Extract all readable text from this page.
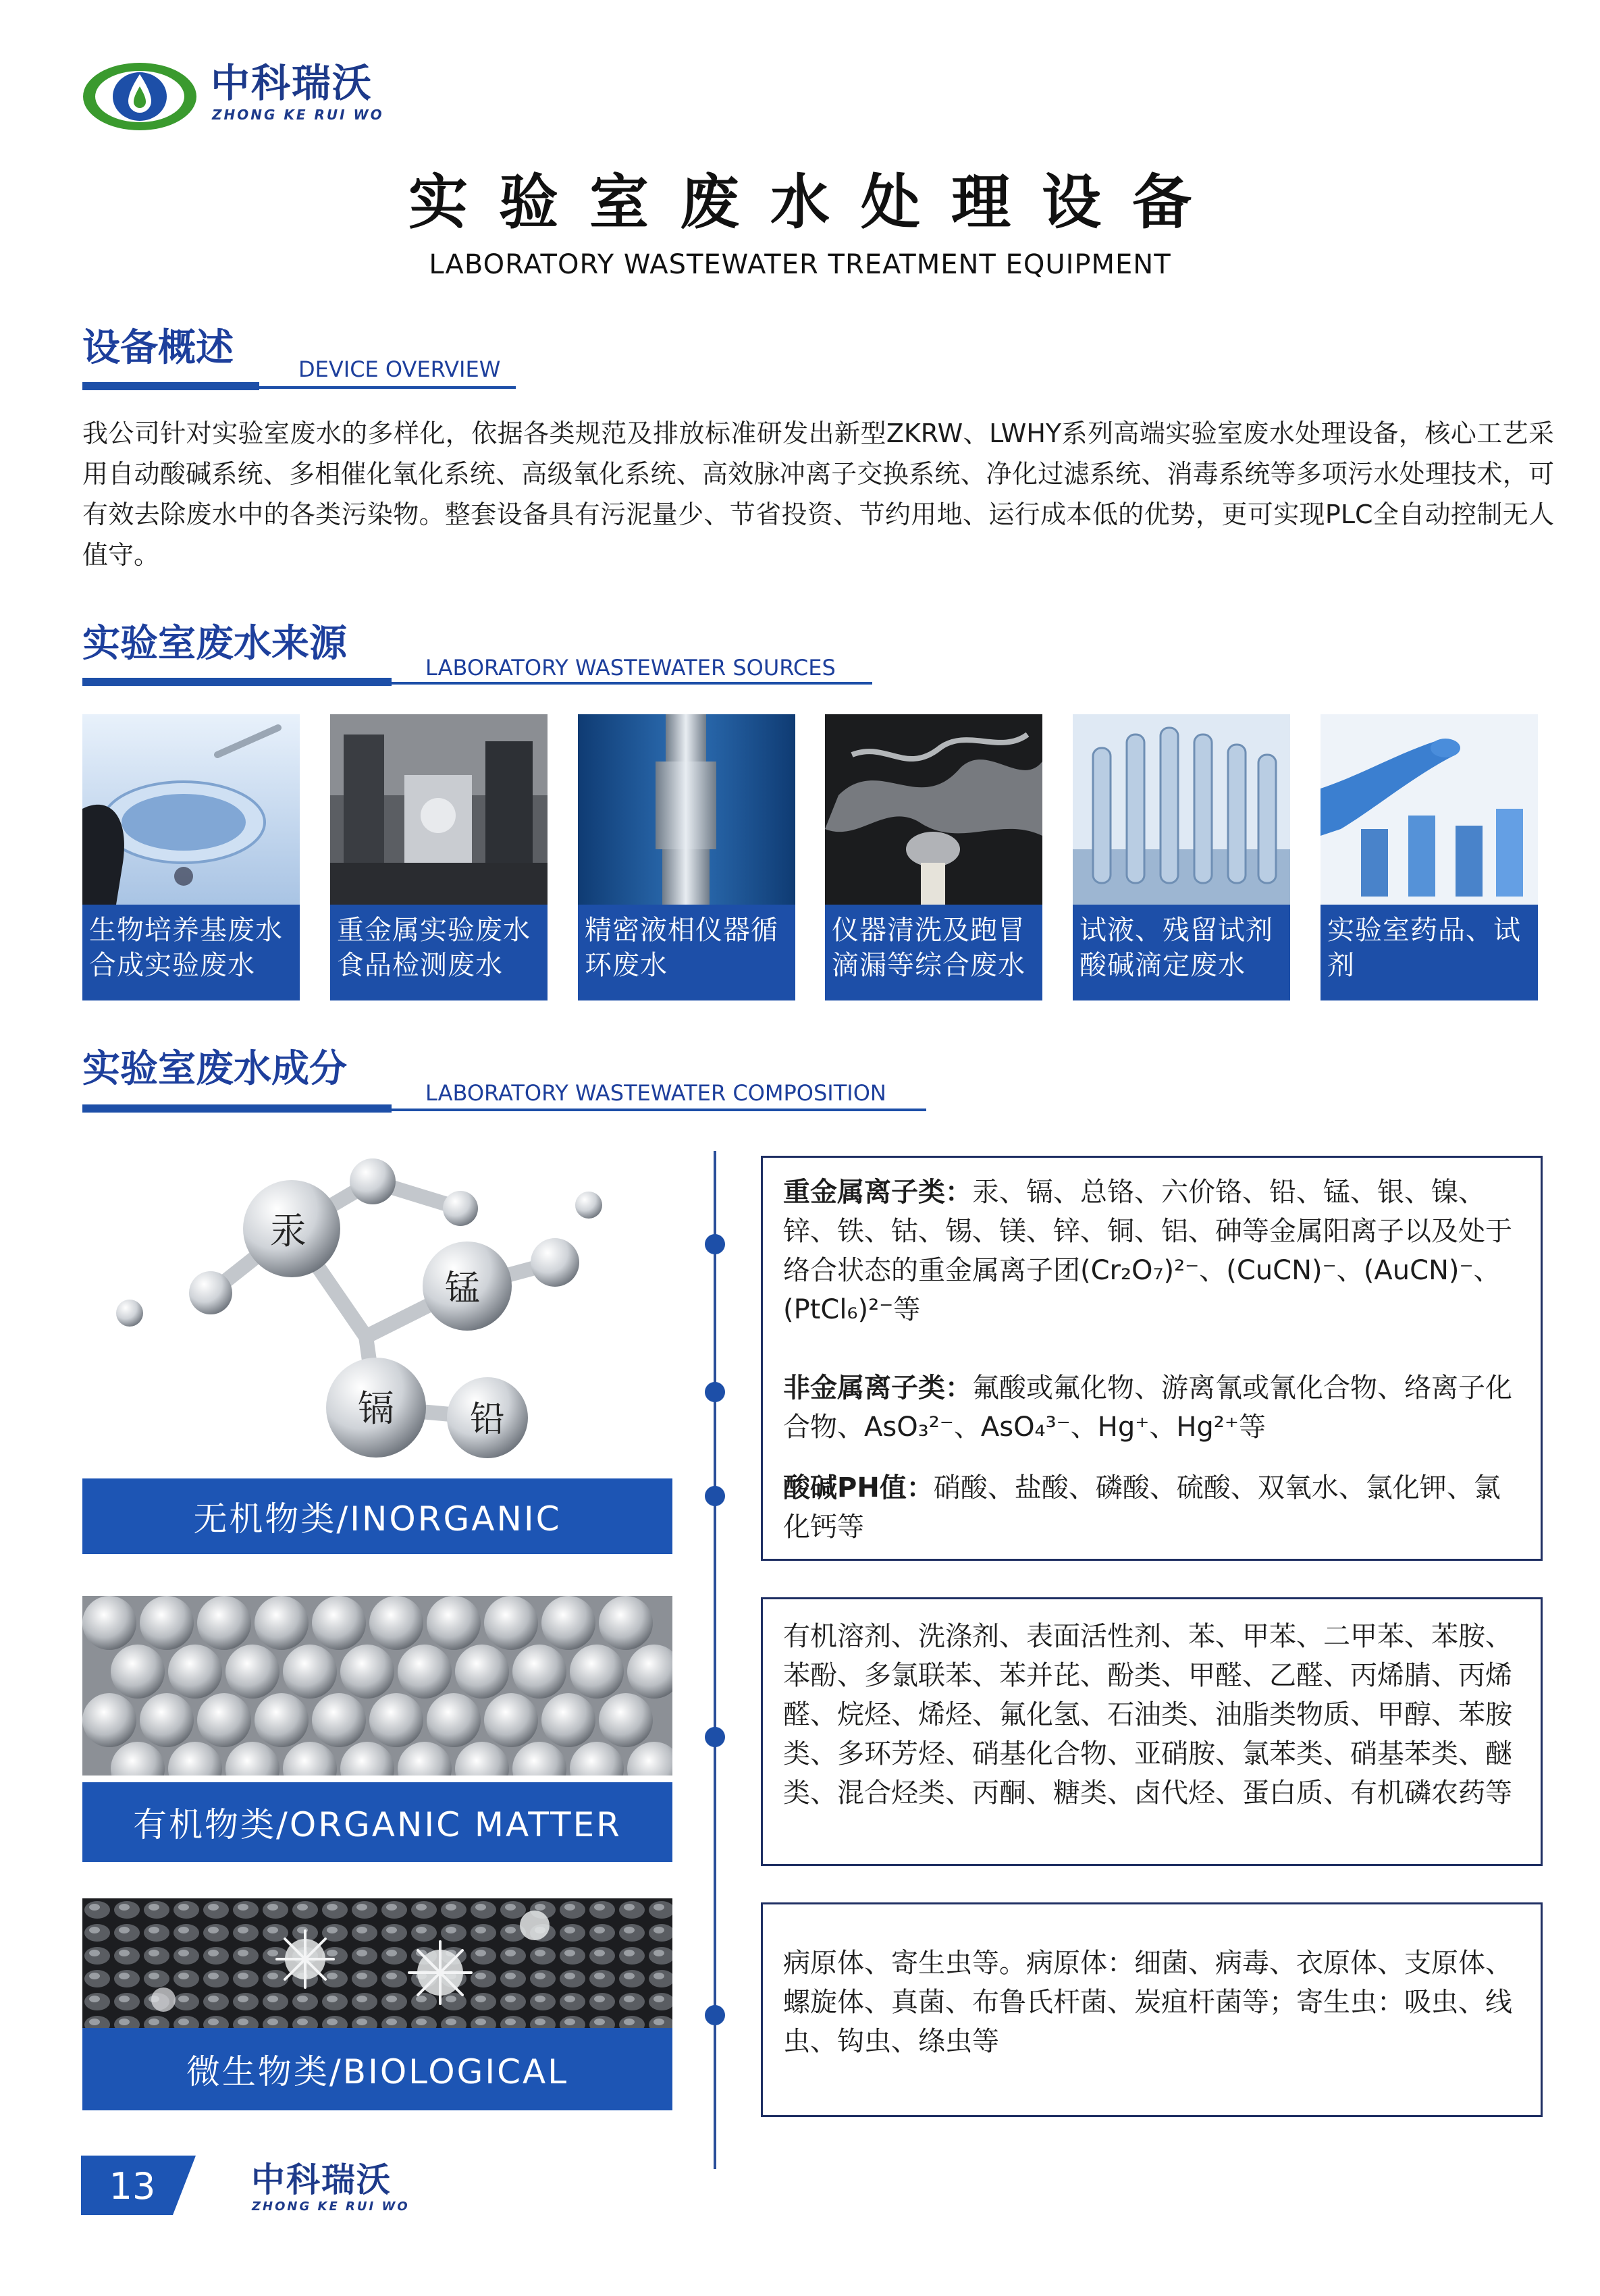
中科瑞沃
ZHONG KE RUI WO
实验室废水处理设备
LABORATORY WASTEWATER TREATMENT EQUIPMENT
设备概述	DEVICE OVERVIEW
我公司针对实验室废水的多样化，依据各类规范及排放标准研发出新型ZKRW、LWHY系列高端实验室废水处理设备，核心工艺采用自动酸碱系统、多相催化氧化系统、高级氧化系统、高效脉冲离子交换系统、净化过滤系统、消毒系统等多项污水处理技术，可有效去除废水中的各类污染物。整套设备具有污泥量少、节省投资、节约用地、运行成本低的优势，更可实现PLC全自动控制无人值守。
实验室废水来源
LABORATORY WASTEWATER SOURCES
生物培养基废水合成实验废水
重金属实验废水食品检测废水
精密液相仪器循环废水
仪器清洗及跑冒滴漏等综合废水
试液、残留试剂酸碱滴定废水
实验室药品、试剂
实验室废水成分
LABORATORY WASTEWATER COMPOSITION
汞
锰
镉 铅
无机物类/INORGANIC
重金属离子类：汞、镉、总铬、六价铬、铅、锰、银、镍、锌、铁、钴、锡、镁、锌、铜、铝、砷等金属阳离子以及处于络合状态的重金属离子团(Cr₂O₇)²⁻、(CuCN)⁻、(AuCN)⁻、(PtCl₆)²⁻等
非金属离子类：氟酸或氟化物、游离氰或氰化合物、络离子化合物、AsO₃²⁻、AsO₄³⁻、Hg⁺、Hg²⁺等
酸碱PH值：硝酸、盐酸、磷酸、硫酸、双氧水、氯化钾、氯化钙等
有机物类/ORGANIC MATTER
有机溶剂、洗涤剂、表面活性剂、苯、甲苯、二甲苯、苯胺、苯酚、多氯联苯、苯并芘、酚类、甲醛、乙醛、丙烯腈、丙烯醛、烷烃、烯烃、氟化氢、石油类、油脂类物质、甲醇、苯胺类、多环芳烃、硝基化合物、亚硝胺、氯苯类、硝基苯类、醚类、混合烃类、丙酮、糖类、卤代烃、蛋白质、有机磷农药等
微生物类/BIOLOGICAL
病原体、寄生虫等。病原体：细菌、病毒、衣原体、支原体、螺旋体、真菌、布鲁氏杆菌、炭疽杆菌等；寄生虫：吸虫、线虫、钩虫、绦虫等
13	中科瑞沃
ZHONG KE RUI WO
